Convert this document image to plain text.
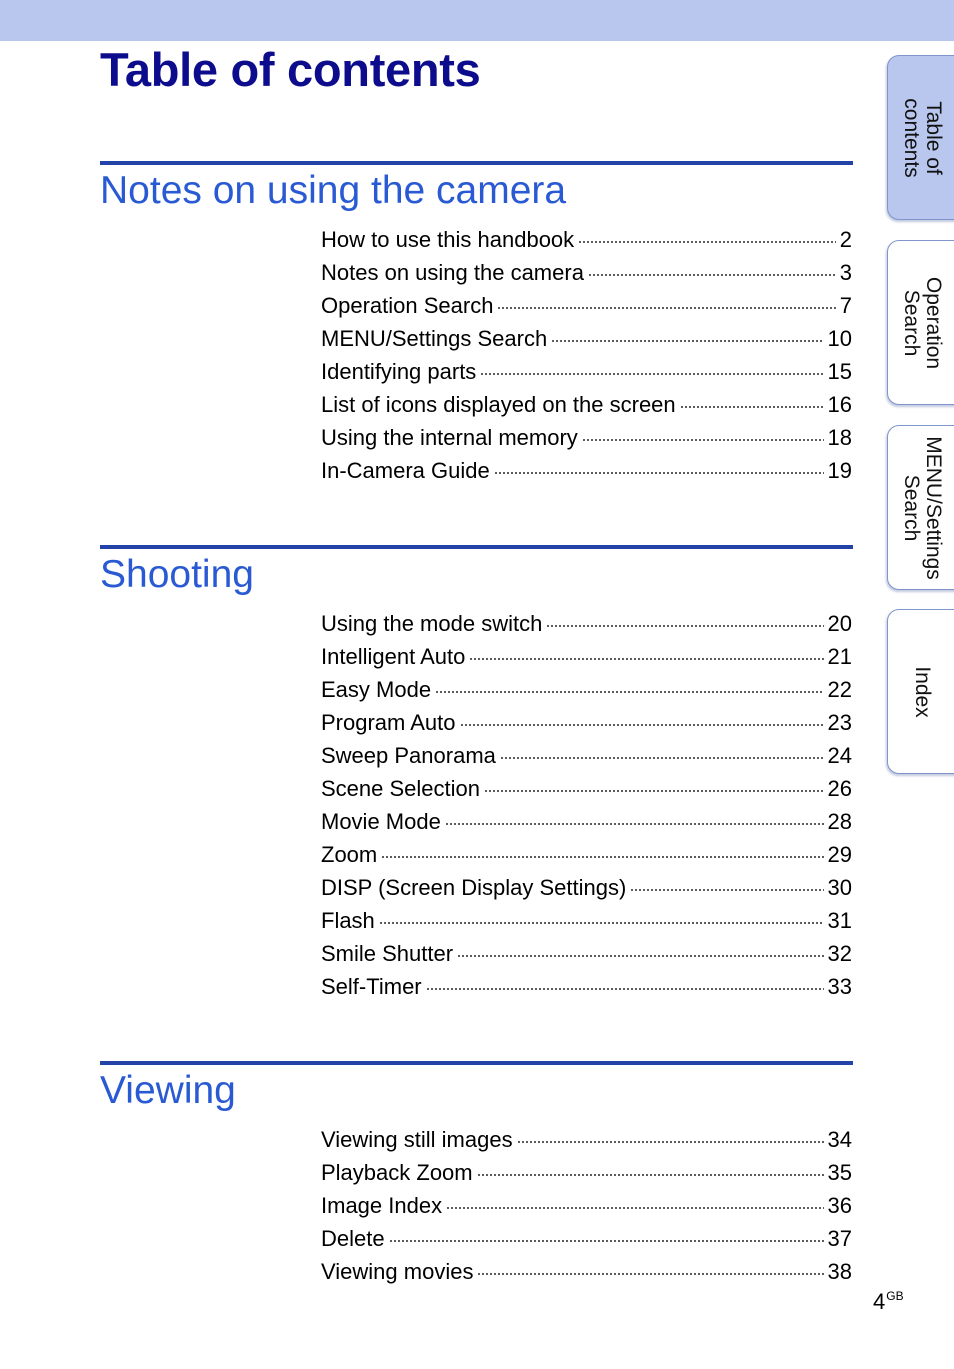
Table of contents
Notes on using the camera
How to use this handbook	2
Notes on using the camera	3
Operation Search	7
MENU/Settings Search	10
Identifying parts	15
List of icons displayed on the screen	16
Using the internal memory	18
In-Camera Guide	19
Shooting
Using the mode switch	20
Intelligent Auto	21
Easy Mode	22
Program Auto	23
Sweep Panorama	24
Scene Selection	26
Movie Mode	28
Zoom	29
DISP (Screen Display Settings)	30
Flash	31
Smile Shutter	32
Self-Timer	33
Viewing
Viewing still images	34
Playback Zoom	35
Image Index	36
Delete	37
Viewing movies	38
Table of
contents
Operation
Search
MENU/Settings
Search
Index
$4^{GB}$
